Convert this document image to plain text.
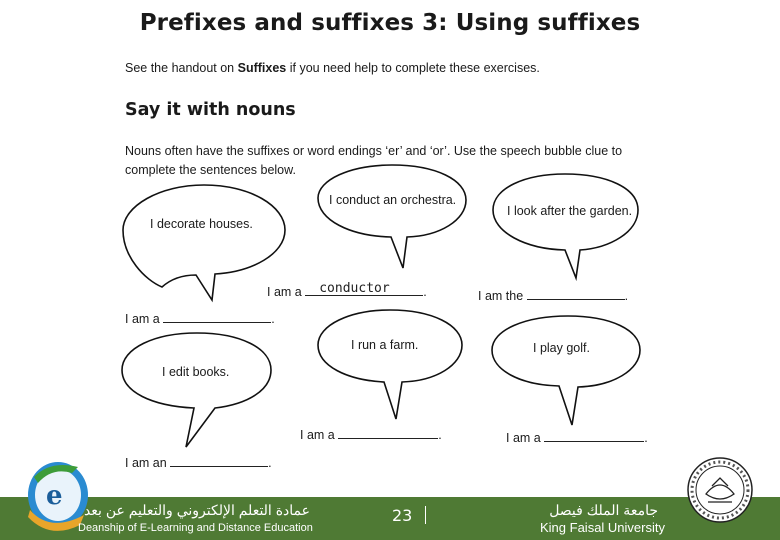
Prefixes and suffixes 3: Using suffixes
See the handout on Suffixes if you need help to complete these exercises.
Say it with nouns
Nouns often have the suffixes or word endings ‘er’ and ‘or’. Use the speech bubble clue to
complete the sentences below.
I decorate houses.
I conduct an orchestra.
I look after the garden.
I edit books.
I run a farm.	I play golf.
I am a	.
I am a conductor	.	I am the	.
I am an	.
I am a	.	I am a	.
e عمادة التعلم الإلكتروني والتعليم عن بعد
Deanship of E-Learning and Distance Education
23	جامعة الملك فيصل
King Faisal University
